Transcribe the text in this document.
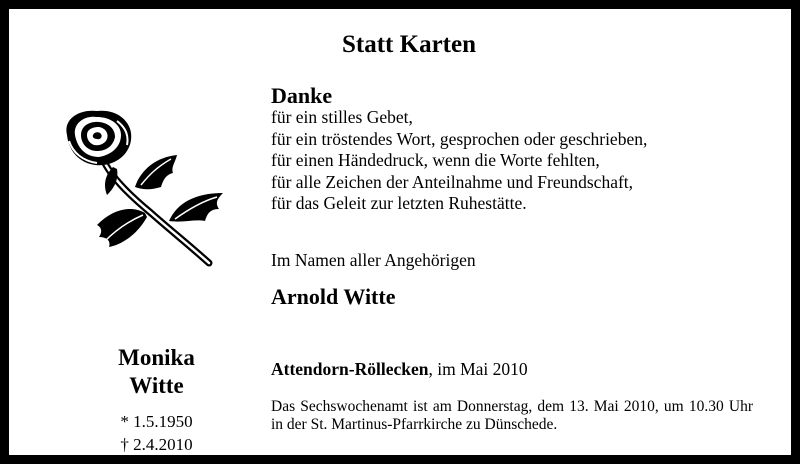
Statt Karten
Danke
für ein stilles Gebet,
für ein tröstendes Wort, gesprochen oder geschrieben,
für einen Händedruck, wenn die Worte fehlten,
für alle Zeichen der Anteilnahme und Freundschaft,
für das Geleit zur letzten Ruhestätte.
Im Namen aller Angehörigen
Arnold Witte
Monika
Witte
* 1.5.1950
† 2.4.2010
Attendorn-Röllecken, im Mai 2010
Das Sechswochenamt ist am Donnerstag, dem 13. Mai 2010, um 10.30 Uhr in der St. Martinus-Pfarrkirche zu Dünschede.
